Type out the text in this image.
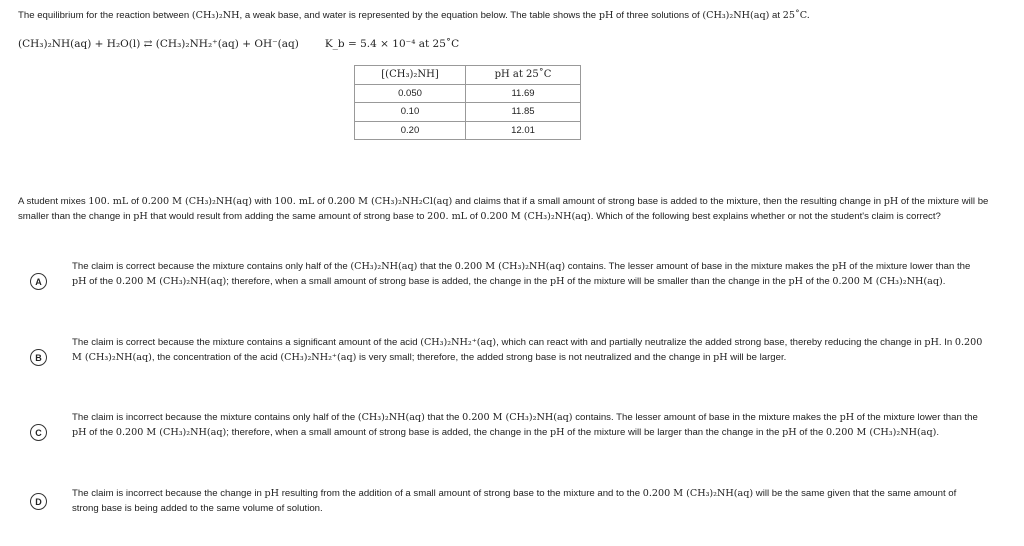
The equilibrium for the reaction between (CH₃)₂NH, a weak base, and water is represented by the equation below. The table shows the pH of three solutions of (CH₃)₂NH(aq) at 25˚C.
(CH₃)₂NH(aq) + H₂O(l) ⇄ (CH₃)₂NH₂⁺(aq) + OH⁻(aq) K_b = 5.4 × 10⁻⁴ at 25˚C
[(CH₃)₂NH]	pH at 25˚C
0.050	11.69
0.10	11.85
0.20	12.01
A student mixes 100. mL of 0.200 M (CH₃)₂NH(aq) with 100. mL of 0.200 M (CH₃)₂NH₂Cl(aq) and claims that if a small amount of strong base is added to the mixture, then the resulting change in pH of the mixture will be smaller than the change in pH that would result from adding the same amount of strong base to 200. mL of 0.200 M (CH₃)₂NH(aq). Which of the following best explains whether or not the student's claim is correct?
A
The claim is correct because the mixture contains only half of the (CH₃)₂NH(aq) that the 0.200 M (CH₃)₂NH(aq) contains. The lesser amount of base in the mixture makes the pH of the mixture lower than the pH of the 0.200 M (CH₃)₂NH(aq); therefore, when a small amount of strong base is added, the change in the pH of the mixture will be smaller than the change in the pH of the 0.200 M (CH₃)₂NH(aq).
B
The claim is correct because the mixture contains a significant amount of the acid (CH₃)₂NH₂⁺(aq), which can react with and partially neutralize the added strong base, thereby reducing the change in pH. In 0.200 M (CH₃)₂NH(aq), the concentration of the acid (CH₃)₂NH₂⁺(aq) is very small; therefore, the added strong base is not neutralized and the change in pH will be larger.
C
The claim is incorrect because the mixture contains only half of the (CH₃)₂NH(aq) that the 0.200 M (CH₃)₂NH(aq) contains. The lesser amount of base in the mixture makes the pH of the mixture lower than the pH of the 0.200 M (CH₃)₂NH(aq); therefore, when a small amount of strong base is added, the change in the pH of the mixture will be larger than the change in the pH of the 0.200 M (CH₃)₂NH(aq).
D
The claim is incorrect because the change in pH resulting from the addition of a small amount of strong base to the mixture and to the 0.200 M (CH₃)₂NH(aq) will be the same given that the same amount of strong base is being added to the same volume of solution.
